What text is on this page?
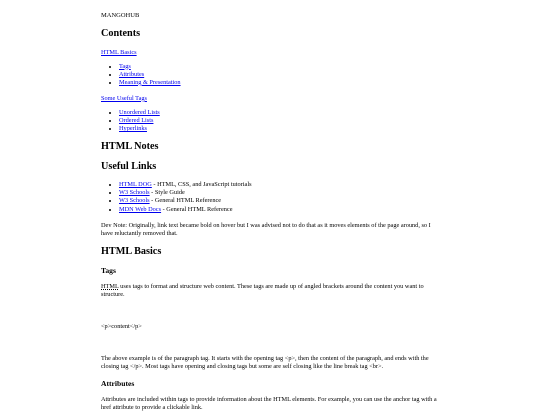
MANGOHUB
Contents

HTML Basics

• Tags
• Attributes
• Meaning & Presentation

Some Useful Tags

• Unordered Lists
• Ordered Lists
• Hyperlinks
HTML Notes
Useful Links
• HTML DOG - HTML, CSS, and JavaScript tutorials
• W3 Schools - Style Guide
• W3 Schools - General HTML Reference
• MDN Web Docs - General HTML Reference

Dev Note: Originally, link text became bold on hover but I was advised not to do that as it moves elements of the page around, so I have reluctantly removed that.

HTML Basics
Tags

HTML uses tags to format and structure web content. These tags are made up of angled brackets around the content you want to structure.

<p>content</p>

The above example is of the paragraph tag. It starts with the opening tag <p>, then the content of the paragraph, and ends with the closing tag </p>. Most tags have opening and closing tags but some are self closing like the line break tag <br>.

Attributes

Attributes are included within tags to provide information about the HTML elements. For example, you can use the anchor tag with a href attribute to provide a clickable link.
